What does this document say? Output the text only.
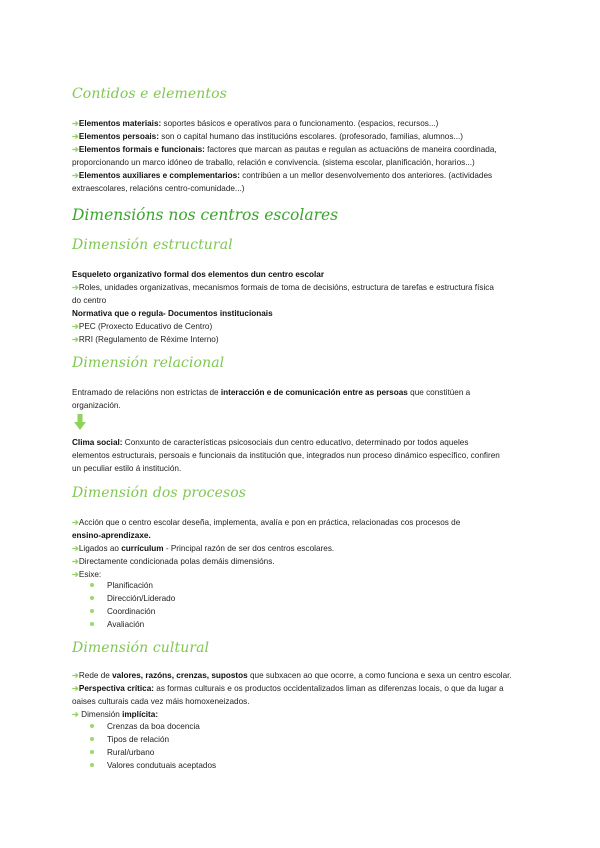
Contidos e elementos
➔Elementos materiais: soportes básicos e operativos para o funcionamento. (espacios, recursos...)
➔Elementos persoais: son o capital humano das institucións escolares. (profesorado, familias, alumnos...)
➔Elementos formais e funcionais: factores que marcan as pautas e regulan as actuacións de maneira coordinada,
proporcionando un marco idóneo de traballo, relación e convivencia. (sistema escolar, planificación, horarios...)
➔Elementos auxiliares e complementarios: contribúen a un mellor desenvolvemento dos anteriores. (actividades
extraescolares, relacións centro-comunidade...)
Dimensións nos centros escolares
Dimensión estructural
Esqueleto organizativo formal dos elementos dun centro escolar
➔Roles, unidades organizativas, mecanismos formais de toma de decisións, estructura de tarefas e estructura física
do centro
Normativa que o regula- Documentos institucionais
➔PEC (Proxecto Educativo de Centro)
➔RRI (Regulamento de Réxime Interno)
Dimensión relacional
Entramado de relacións non estrictas de interacción e de comunicación entre as persoas que constitúen a
organización.
Clima social: Conxunto de características psicosociais dun centro educativo, determinado por todos aqueles
elementos estructurais, persoais e funcionais da institución que, integrados nun proceso dinámico específico, confiren
un peculiar estilo á institución.
Dimensión dos procesos
➔Acción que o centro escolar deseña, implementa, avalía e pon en práctica, relacionadas cos procesos de
ensino-aprendizaxe.
➔Ligados ao currículum - Principal razón de ser dos centros escolares.
➔Directamente condicionada polas demáis dimensións.
➔Esixe:
Planificación
Dirección/Liderado
Coordinación
Avaliación
Dimensión cultural
➔Rede de valores, razóns, crenzas, supostos que subxacen ao que ocorre, a como funciona e sexa un centro escolar.
➔Perspectiva crítica: as formas culturais e os productos occidentalizados liman as diferenzas locais, o que da lugar a
oaises culturais cada vez máis homoxeneizados.
➔ Dimensión implícita:
Crenzas da boa docencia
Tipos de relación
Rural/urbano
Valores condutuais aceptados
